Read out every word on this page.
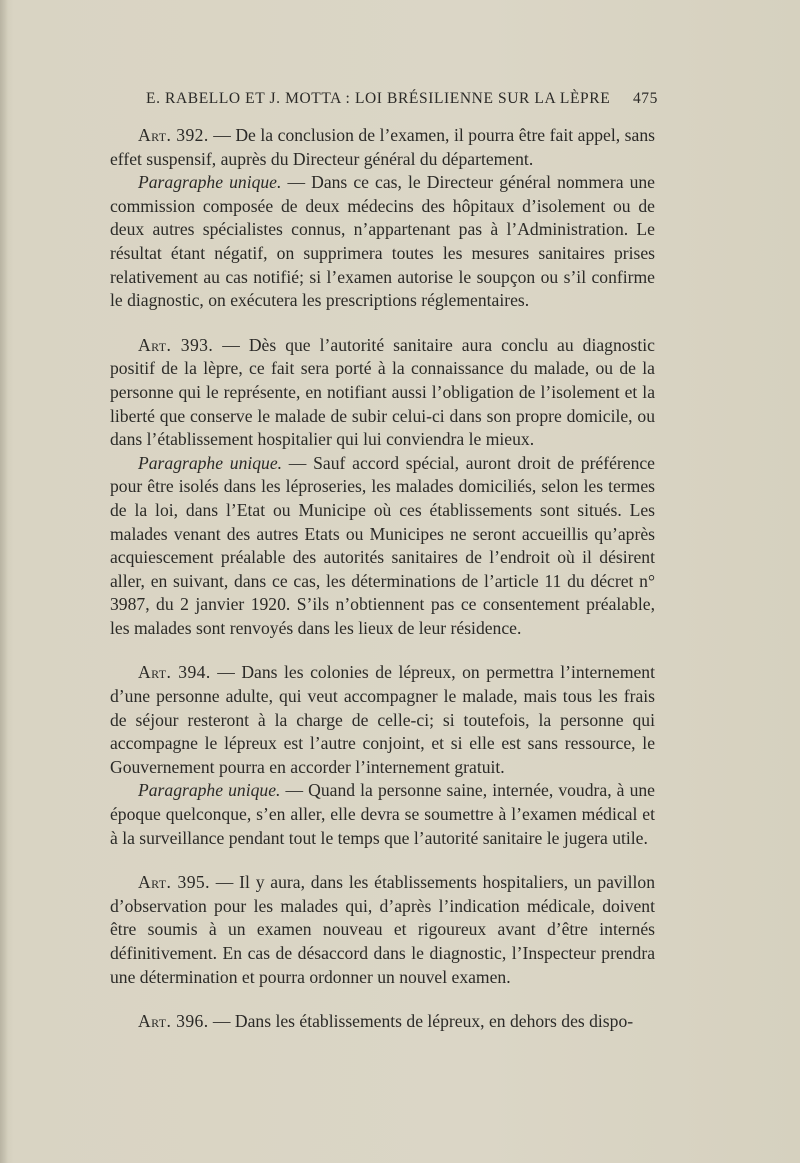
E. RABELLO ET J. MOTTA : LOI BRÉSILIENNE SUR LA LÈPRE 475

Art. 392. — De la conclusion de l’examen, il pourra être fait appel, sans effet suspensif, auprès du Directeur général du département.

Paragraphe unique. — Dans ce cas, le Directeur général nommera une commission composée de deux médecins des hôpitaux d’isolement ou de deux autres spécialistes connus, n’appartenant pas à l’Administration. Le résultat étant négatif, on supprimera toutes les mesures sanitaires prises relativement au cas notifié; si l’examen autorise le soupçon ou s’il confirme le diagnostic, on exécutera les prescriptions réglementaires.

Art. 393. — Dès que l’autorité sanitaire aura conclu au diagnostic positif de la lèpre, ce fait sera porté à la connaissance du malade, ou de la personne qui le représente, en notifiant aussi l’obligation de l’isolement et la liberté que conserve le malade de subir celui-ci dans son propre domicile, ou dans l’établissement hospitalier qui lui conviendra le mieux.

Paragraphe unique. — Sauf accord spécial, auront droit de préférence pour être isolés dans les léproseries, les malades domiciliés, selon les termes de la loi, dans l’Etat ou Municipe où ces établissements sont situés. Les malades venant des autres Etats ou Municipes ne seront accueillis qu’après acquiescement préalable des autorités sanitaires de l’endroit où il désirent aller, en suivant, dans ce cas, les déterminations de l’article 11 du décret n° 3987, du 2 janvier 1920. S’ils n’obtiennent pas ce consentement préalable, les malades sont renvoyés dans les lieux de leur résidence.

Art. 394. — Dans les colonies de lépreux, on permettra l’internement d’une personne adulte, qui veut accompagner le malade, mais tous les frais de séjour resteront à la charge de celle-ci; si toutefois, la personne qui accompagne le lépreux est l’autre conjoint, et si elle est sans ressource, le Gouvernement pourra en accorder l’internement gratuit.

Paragraphe unique. — Quand la personne saine, internée, voudra, à une époque quelconque, s’en aller, elle devra se soumettre à l’examen médical et à la surveillance pendant tout le temps que l’autorité sanitaire le jugera utile.

Art. 395. — Il y aura, dans les établissements hospitaliers, un pavillon d’observation pour les malades qui, d’après l’indication médicale, doivent être soumis à un examen nouveau et rigoureux avant d’être internés définitivement. En cas de désaccord dans le diagnostic, l’Inspecteur prendra une détermination et pourra ordonner un nouvel examen.

Art. 396. — Dans les établissements de lépreux, en dehors des dispo-
